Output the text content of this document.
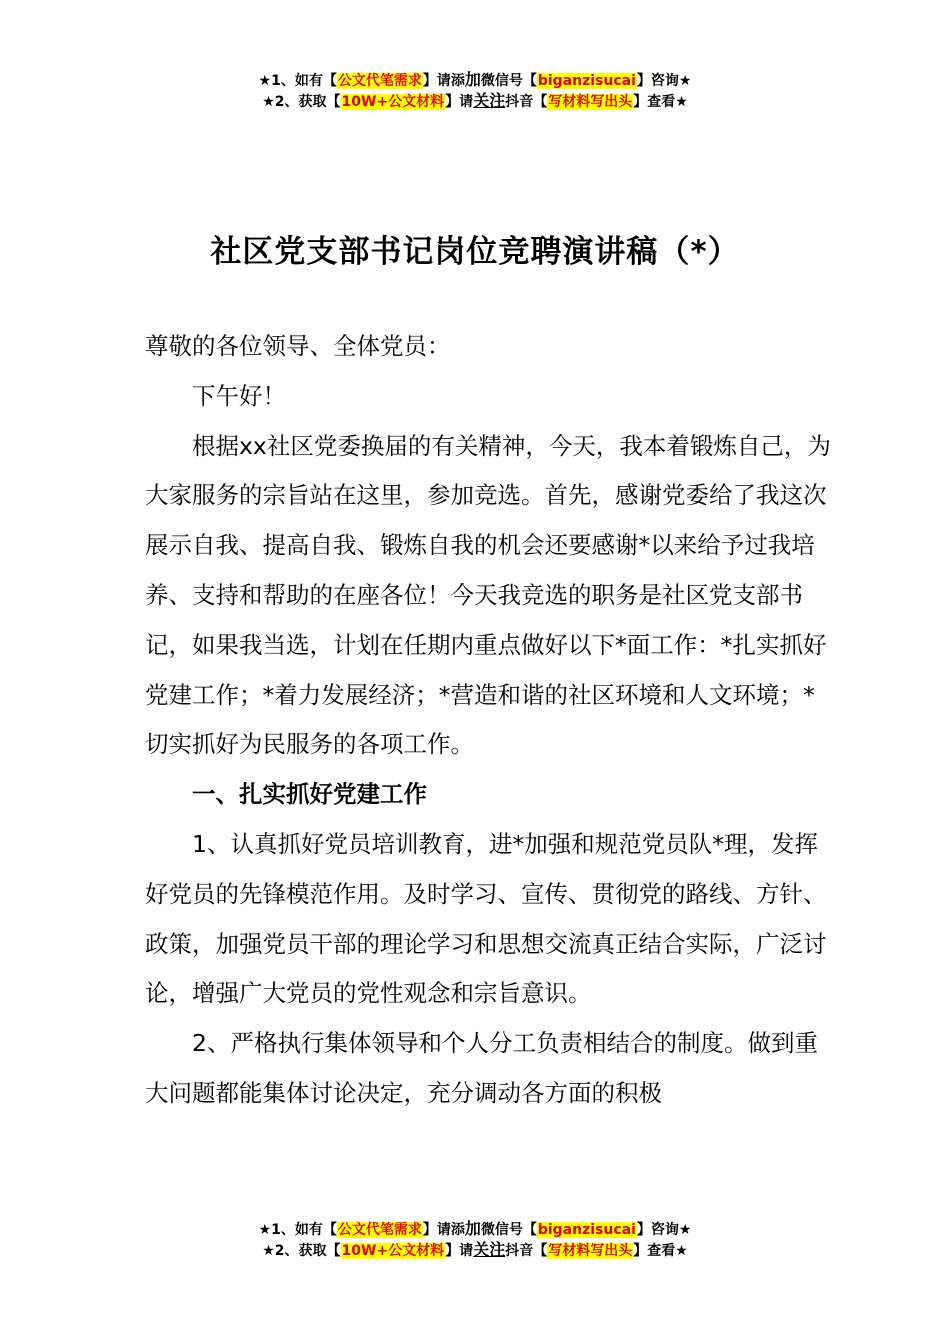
★1、如有【公文代笔需求】请添加微信号【biganzisucai】咨询★
★2、获取【10W+公文材料】请关注抖音【写材料写出头】查看★
社区党支部书记岗位竞聘演讲稿（*）

尊敬的各位领导、全体党员：

下午好！

根据xx社区党委换届的有关精神，今天，我本着锻炼自己，为大家服务的宗旨站在这里，参加竞选。首先，感谢党委给了我这次展示自我、提高自我、锻炼自我的机会还要感谢*以来给予过我培养、支持和帮助的在座各位！今天我竞选的职务是社区党支部书记，如果我当选，计划在任期内重点做好以下*面工作：*扎实抓好党建工作；*着力发展经济；*营造和谐的社区环境和人文环境；*切实抓好为民服务的各项工作。

一、扎实抓好党建工作

1、认真抓好党员培训教育，进*加强和规范党员队*理，发挥好党员的先锋模范作用。及时学习、宣传、贯彻党的路线、方针、政策，加强党员干部的理论学习和思想交流真正结合实际，广泛讨论，增强广大党员的党性观念和宗旨意识。

2、严格执行集体领导和个人分工负责相结合的制度。做到重大问题都能集体讨论决定，充分调动各方面的积极

★1、如有【公文代笔需求】请添加微信号【biganzisucai】咨询★
★2、获取【10W+公文材料】请关注抖音【写材料写出头】查看★
